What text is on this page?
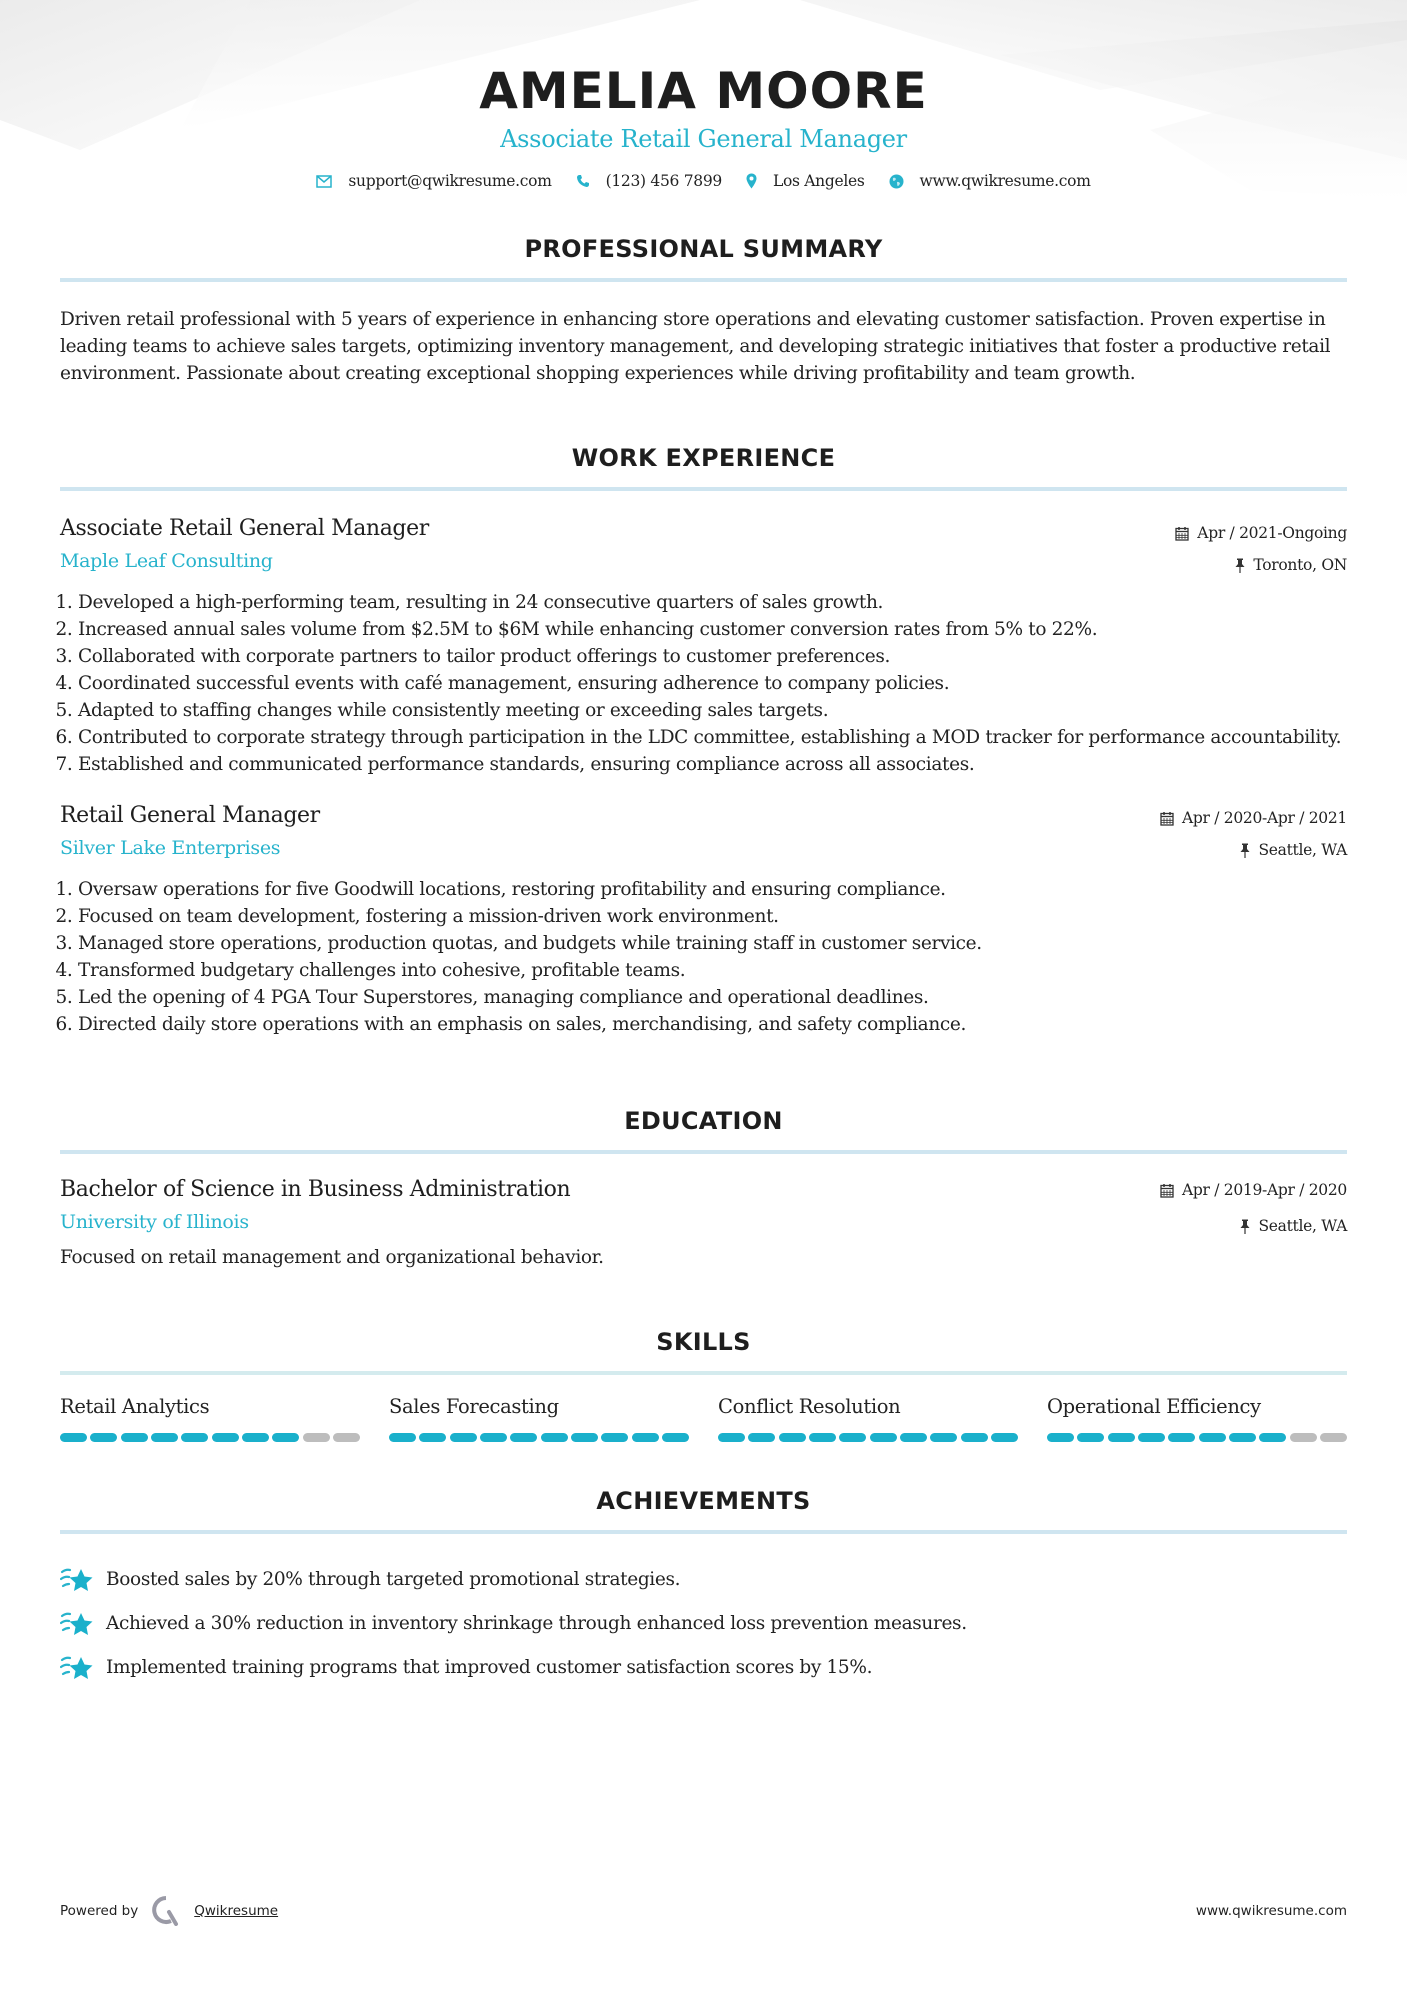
AMELIA MOORE
Associate Retail General Manager
support@qwikresume.com	(123) 456 7899	Los Angeles	www.qwikresume.com
PROFESSIONAL SUMMARY

Driven retail professional with 5 years of experience in enhancing store operations and elevating customer satisfaction. Proven expertise in leading teams to achieve sales targets, optimizing inventory management, and developing strategic initiatives that foster a productive retail environment. Passionate about creating exceptional shopping experiences while driving profitability and team growth.

WORK EXPERIENCE
Associate Retail General Manager
Maple Leaf Consulting
Apr / 2021-Ongoing
Toronto, ON
1. Developed a high-performing team, resulting in 24 consecutive quarters of sales growth.
2. Increased annual sales volume from $2.5M to $6M while enhancing customer conversion rates from 5% to 22%.
3. Collaborated with corporate partners to tailor product offerings to customer preferences.
4. Coordinated successful events with café management, ensuring adherence to company policies.
5. Adapted to staffing changes while consistently meeting or exceeding sales targets.
6. Contributed to corporate strategy through participation in the LDC committee, establishing a MOD tracker for performance accountability.
7. Established and communicated performance standards, ensuring compliance across all associates.
Retail General Manager
Silver Lake Enterprises
Apr / 2020-Apr / 2021
Seattle, WA
1. Oversaw operations for five Goodwill locations, restoring profitability and ensuring compliance.
2. Focused on team development, fostering a mission-driven work environment.
3. Managed store operations, production quotas, and budgets while training staff in customer service.
4. Transformed budgetary challenges into cohesive, profitable teams.
5. Led the opening of 4 PGA Tour Superstores, managing compliance and operational deadlines.
6. Directed daily store operations with an emphasis on sales, merchandising, and safety compliance.
EDUCATION
Bachelor of Science in Business Administration
University of Illinois
Apr / 2019-Apr / 2020
Seattle, WA

Focused on retail management and organizational behavior.

SKILLS
Retail Analytics	Sales Forecasting	Conflict Resolution	Operational Efficiency
ACHIEVEMENTS
Boosted sales by 20% through targeted promotional strategies.
Achieved a 30% reduction in inventory shrinkage through enhanced loss prevention measures.
Implemented training programs that improved customer satisfaction scores by 15%.
Powered by	Qwikresume	www.qwikresume.com
